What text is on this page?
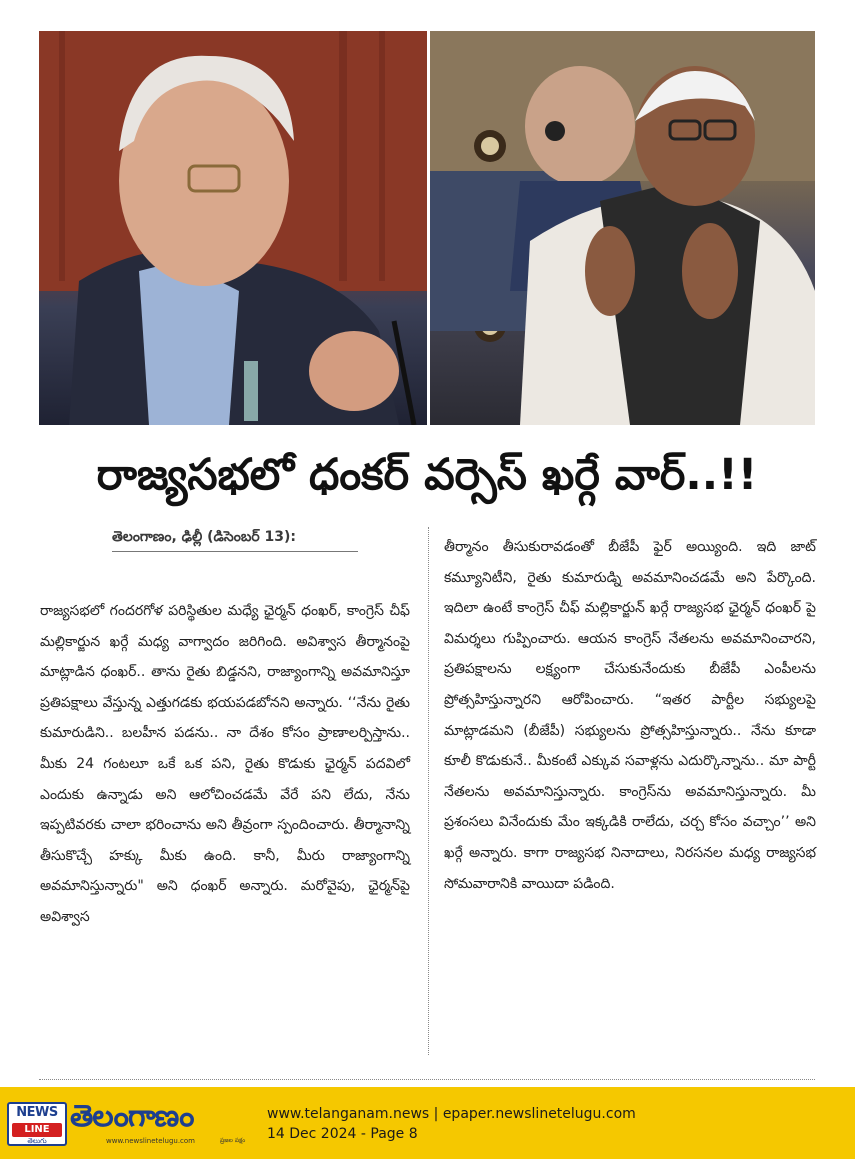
రాజ్యసభలో ధంకర్ వర్సెస్ ఖర్గే వార్..!!
తెలంగాణం, ఢిల్లీ (డిసెంబర్ 13):

రాజ్యసభలో గందరగోళ పరిస్థితుల మధ్యే ఛైర్మన్ ధంఖర్, కాంగ్రెస్ చీఫ్ మల్లికార్జున ఖర్గే మధ్య వాగ్వాదం జరిగింది. అవిశ్వాస తీర్మానంపై మాట్లాడిన ధంఖర్.. తాను రైతు బిడ్డనని, రాజ్యాంగాన్ని అవమానిస్తూ ప్రతిపక్షాలు వేస్తున్న ఎత్తుగడకు భయపడబోనని అన్నారు. ‘‘నేను రైతు కుమారుడిని.. బలహీన పడను.. నా దేశం కోసం ప్రాణాలర్పిస్తాను.. మీకు 24 గంటలూ ఒకే ఒక పని, రైతు కొడుకు ఛైర్మన్ పదవిలో ఎందుకు ఉన్నాడు అని ఆలోచించడమే వేరే పని లేదు, నేను ఇప్పటివరకు చాలా భరించాను అని తీవ్రంగా స్పందించారు. తీర్మానాన్ని తీసుకొచ్చే హక్కు మీకు ఉంది. కానీ, మీరు రాజ్యాంగాన్ని అవమానిస్తున్నారు" అని ధంఖర్ అన్నారు. మరోవైపు, ఛైర్మన్‌పై అవిశ్వాస

తీర్మానం తీసుకురావడంతో బీజేపీ ఫైర్ అయ్యింది. ఇది జాట్ కమ్యూనిటీని, రైతు కుమారుడ్ని అవమానించడమే అని పేర్కొంది. ఇదిలా ఉంటే కాంగ్రెస్ చీఫ్ మల్లికార్జున్ ఖర్గే రాజ్యసభ ఛైర్మన్ ధంఖర్ పై విమర్శలు గుప్పించారు. ఆయన కాంగ్రెస్ నేతలను అవమానించారని, ప్రతిపక్షాలను లక్ష్యంగా చేసుకునేందుకు బీజేపీ ఎంపీలను ప్రోత్సహిస్తున్నారని ఆరోపించారు. “ఇతర పార్టీల సభ్యులపై మాట్లాడమని (బీజేపీ) సభ్యులను ప్రోత్సహిస్తున్నారు.. నేను కూడా కూలీ కొడుకునే.. మీకంటే ఎక్కువ సవాళ్లను ఎదుర్కొన్నాను.. మా పార్టీ నేతలను అవమానిస్తున్నారు. కాంగ్రెస్‌ను అవమానిస్తున్నారు. మీ ప్రశంసలు వినేందుకు మేం ఇక్కడికి రాలేదు, చర్చ కోసం వచ్చాం’’ అని ఖర్గే అన్నారు. కాగా రాజ్యసభ నినాదాలు, నిరసనల మధ్య రాజ్యసభ సోమవారానికి వాయిదా పడింది.

NEWS
LINE
తెలుగు
తెలంగాణం
www.newslinetelugu.com	ప్రజల పక్షం
www.telanganam.news | epaper.newslinetelugu.com
14 Dec 2024 - Page 8
